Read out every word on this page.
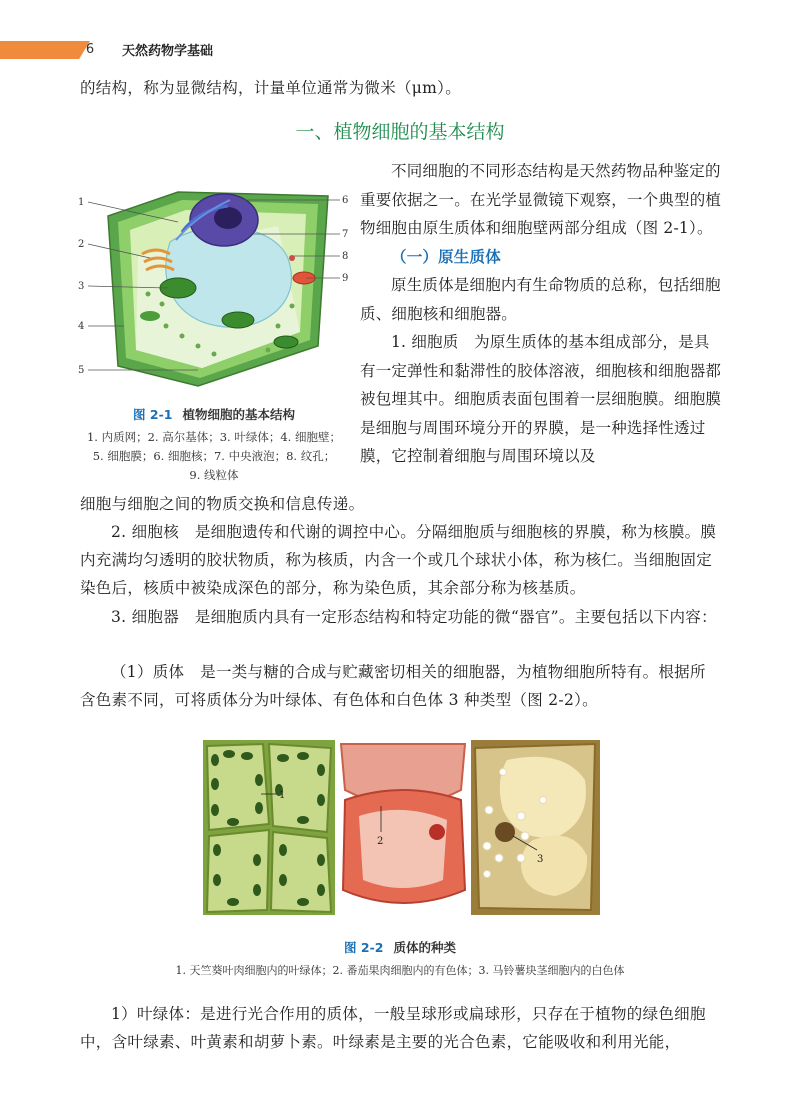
6	天然药物学基础

的结构，称为显微结构，计量单位通常为微米（μm）。

一、植物细胞的基本结构

不同细胞的不同形态结构是天然药物品种鉴定的重要依据之一。在光学显微镜下观察，一个典型的植物细胞由原生质体和细胞壁两部分组成（图 2-1）。

（一）原生质体

原生质体是细胞内有生命物质的总称，包括细胞质、细胞核和细胞器。

1. 细胞质　为原生质体的基本组成部分，是具有一定弹性和黏滞性的胶体溶液，细胞核和细胞器都被包埋其中。细胞质表面包围着一层细胞膜。细胞膜是细胞与周围环境分开的界膜，是一种选择性透过膜，它控制着细胞与周围环境以及

1
2
3
4
5
6
7
8
9
图 2-1 植物细胞的基本结构
1. 内质网；2. 高尔基体；3. 叶绿体；4. 细胞壁；
5. 细胞膜；6. 细胞核；7. 中央液泡；8. 纹孔；
9. 线粒体

细胞与细胞之间的物质交换和信息传递。

2. 细胞核　是细胞遗传和代谢的调控中心。分隔细胞质与细胞核的界膜，称为核膜。膜内充满均匀透明的胶状物质，称为核质，内含一个或几个球状小体，称为核仁。当细胞固定染色后，核质中被染成深色的部分，称为染色质，其余部分称为核基质。

3. 细胞器　是细胞质内具有一定形态结构和特定功能的微“器官”。主要包括以下内容：

（1）质体　是一类与糖的合成与贮藏密切相关的细胞器，为植物细胞所特有。根据所含色素不同，可将质体分为叶绿体、有色体和白色体 3 种类型（图 2-2）。

1
2
3
图 2-2 质体的种类
1. 天竺葵叶肉细胞内的叶绿体；2. 番茄果肉细胞内的有色体；3. 马铃薯块茎细胞内的白色体

1）叶绿体：是进行光合作用的质体，一般呈球形或扁球形，只存在于植物的绿色细胞中，含叶绿素、叶黄素和胡萝卜素。叶绿素是主要的光合色素，它能吸收和利用光能，
